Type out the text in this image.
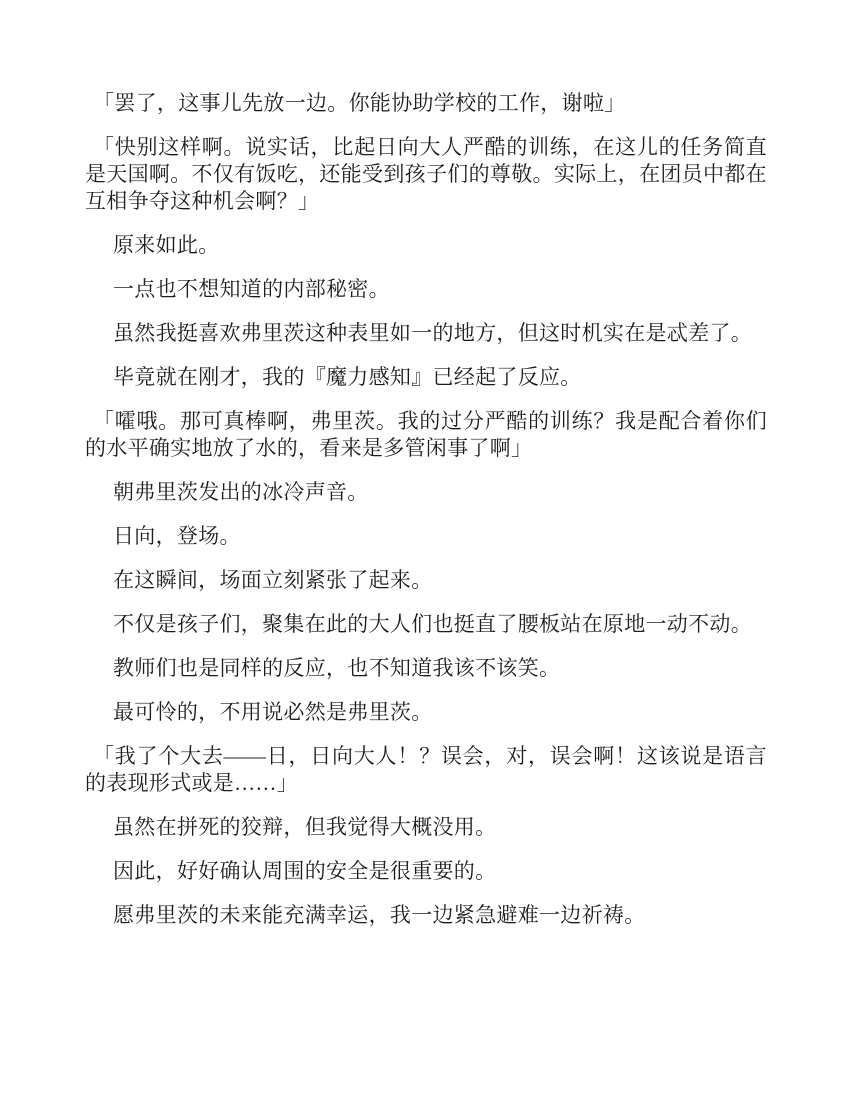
「罢了，这事儿先放一边。你能协助学校的工作，谢啦」

「快别这样啊。说实话，比起日向大人严酷的训练，在这儿的任务简直是天国啊。不仅有饭吃，还能受到孩子们的尊敬。实际上，在团员中都在互相争夺这种机会啊？」

原来如此。

一点也不想知道的内部秘密。

虽然我挺喜欢弗里茨这种表里如一的地方，但这时机实在是忒差了。

毕竟就在刚才，我的『魔力感知』已经起了反应。

「嚯哦。那可真棒啊，弗里茨。我的过分严酷的训练？我是配合着你们的水平确实地放了水的，看来是多管闲事了啊」

朝弗里茨发出的冰冷声音。

日向，登场。

在这瞬间，场面立刻紧张了起来。

不仅是孩子们，聚集在此的大人们也挺直了腰板站在原地一动不动。

教师们也是同样的反应，也不知道我该不该笑。

最可怜的，不用说必然是弗里茨。

「我了个大去——日，日向大人！？误会，对，误会啊！这该说是语言的表现形式或是……」

虽然在拼死的狡辩，但我觉得大概没用。

因此，好好确认周围的安全是很重要的。

愿弗里茨的未来能充满幸运，我一边紧急避难一边祈祷。
